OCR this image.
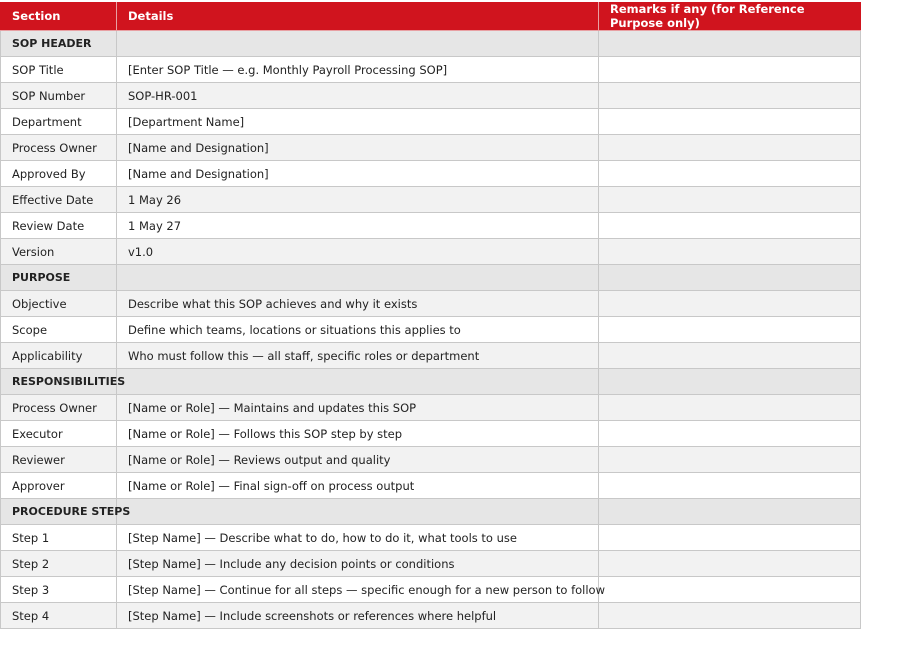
Section	Details	Remarks if any (for Reference Purpose only)
SOP HEADER		
SOP Title	[Enter SOP Title — e.g. Monthly Payroll Processing SOP]	
SOP Number	SOP-HR-001	
Department	[Department Name]	
Process Owner	[Name and Designation]	
Approved By	[Name and Designation]	
Effective Date	1 May 26	
Review Date	1 May 27	
Version	v1.0	
PURPOSE		
Objective	Describe what this SOP achieves and why it exists	
Scope	Define which teams, locations or situations this applies to	
Applicability	Who must follow this — all staff, specific roles or department	
RESPONSIBILITIES		
Process Owner	[Name or Role] — Maintains and updates this SOP	
Executor	[Name or Role] — Follows this SOP step by step	
Reviewer	[Name or Role] — Reviews output and quality	
Approver	[Name or Role] — Final sign-off on process output	
PROCEDURE STEPS		
Step 1	[Step Name] — Describe what to do, how to do it, what tools to use	
Step 2	[Step Name] — Include any decision points or conditions	
Step 3	[Step Name] — Continue for all steps — specific enough for a new person to follow	
Step 4	[Step Name] — Include screenshots or references where helpful	
